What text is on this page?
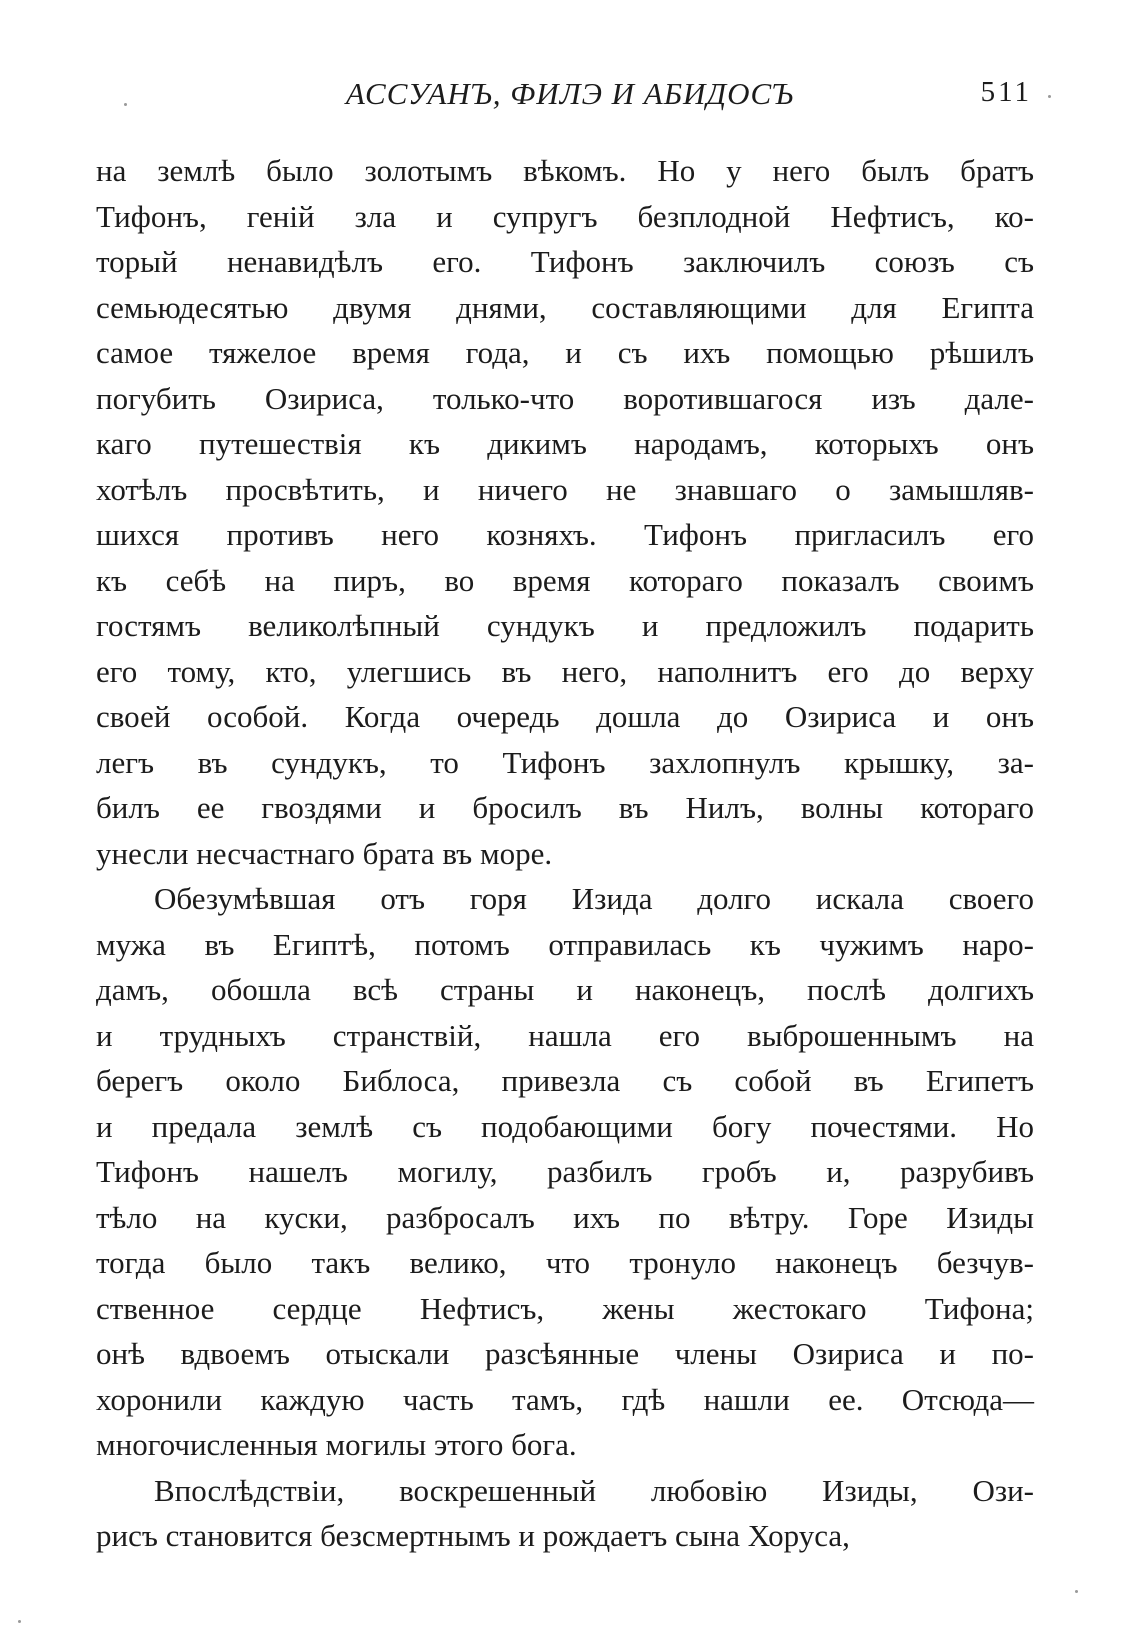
АССУАНЪ, ФИЛЭ И АБИДОСЪ	511
на землѣ было золотымъ вѣкомъ. Но у него былъ братъ
Тифонъ, геній зла и супругъ безплодной Нефтисъ, ко-
торый ненавидѣлъ его. Тифонъ заключилъ союзъ съ
семьюдесятью двумя днями, составляющими для Египта
самое тяжелое время года, и съ ихъ помощью рѣшилъ
погубить Озириса, только-что воротившагося изъ дале-
каго путешествія къ дикимъ народамъ, которыхъ онъ
хотѣлъ просвѣтить, и ничего не знавшаго о замышляв-
шихся противъ него козняхъ. Тифонъ пригласилъ его
къ себѣ на пиръ, во время котораго показалъ своимъ
гостямъ великолѣпный сундукъ и предложилъ подарить
его тому, кто, улегшись въ него, наполнитъ его до верху
своей особой. Когда очередь дошла до Озириса и онъ
легъ въ сундукъ, то Тифонъ захлопнулъ крышку, за-
билъ ее гвоздями и бросилъ въ Нилъ, волны котораго
унесли несчастнаго брата въ море.
Обезумѣвшая отъ горя Изида долго искала своего
мужа въ Египтѣ, потомъ отправилась къ чужимъ наро-
дамъ, обошла всѣ страны и наконецъ, послѣ долгихъ
и трудныхъ странствій, нашла его выброшеннымъ на
берегъ около Библоса, привезла съ собой въ Египетъ
и предала землѣ съ подобающими богу почестями. Но
Тифонъ нашелъ могилу, разбилъ гробъ и, разрубивъ
тѣло на куски, разбросалъ ихъ по вѣтру. Горе Изиды
тогда было такъ велико, что тронуло наконецъ безчув-
ственное сердце Нефтисъ, жены жестокаго Тифона;
онѣ вдвоемъ отыскали разсѣянные члены Озириса и по-
хоронили каждую часть тамъ, гдѣ нашли ее. Отсюда—
многочисленныя могилы этого бога.
Впослѣдствіи, воскрешенный любовію Изиды, Ози-
рисъ становится безсмертнымъ и рождаетъ сына Хоруса,
